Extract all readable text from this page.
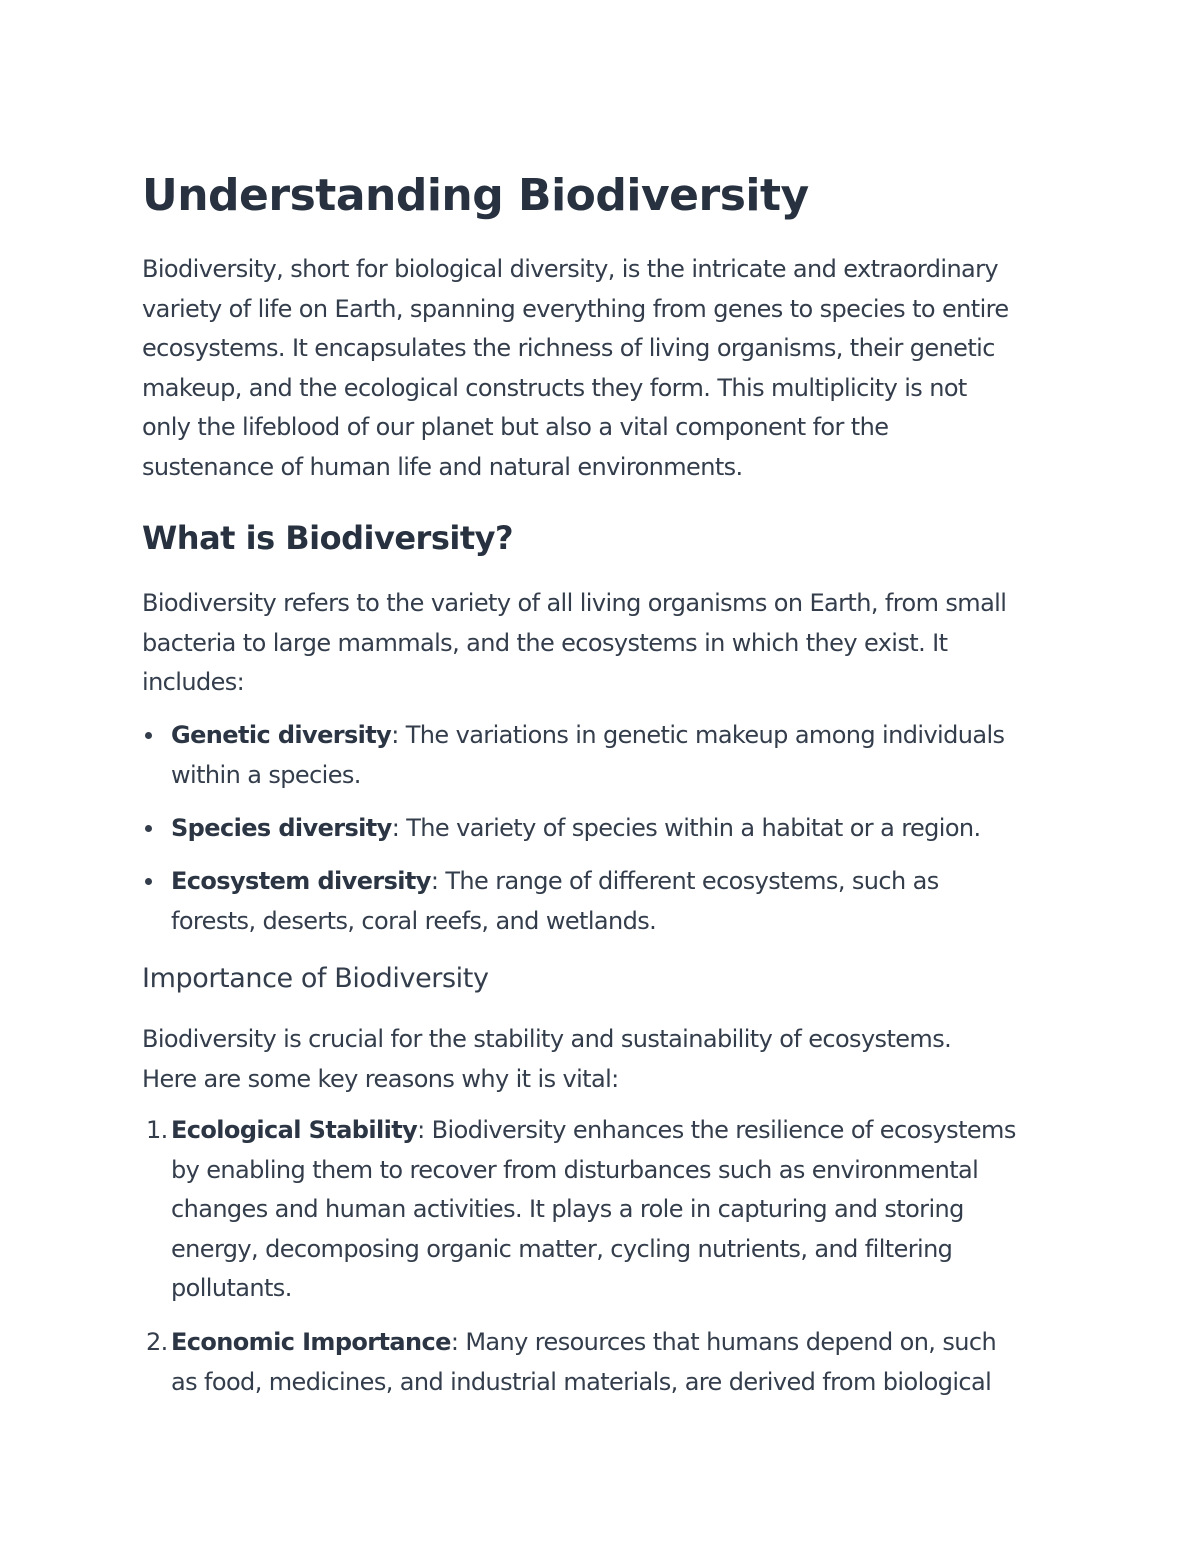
Understanding Biodiversity
Biodiversity, short for biological diversity, is the intricate and extraordinary
variety of life on Earth, spanning everything from genes to species to entire
ecosystems. It encapsulates the richness of living organisms, their genetic
makeup, and the ecological constructs they form. This multiplicity is not
only the lifeblood of our planet but also a vital component for the
sustenance of human life and natural environments.
What is Biodiversity?
Biodiversity refers to the variety of all living organisms on Earth, from small
bacteria to large mammals, and the ecosystems in which they exist. It
includes:
Genetic diversity: The variations in genetic makeup among individuals
within a species.
Species diversity: The variety of species within a habitat or a region.
Ecosystem diversity: The range of different ecosystems, such as
forests, deserts, coral reefs, and wetlands.
Importance of Biodiversity
Biodiversity is crucial for the stability and sustainability of ecosystems.
Here are some key reasons why it is vital:
1. Ecological Stability: Biodiversity enhances the resilience of ecosystems
by enabling them to recover from disturbances such as environmental
changes and human activities. It plays a role in capturing and storing
energy, decomposing organic matter, cycling nutrients, and filtering
pollutants.
2. Economic Importance: Many resources that humans depend on, such
as food, medicines, and industrial materials, are derived from biological
